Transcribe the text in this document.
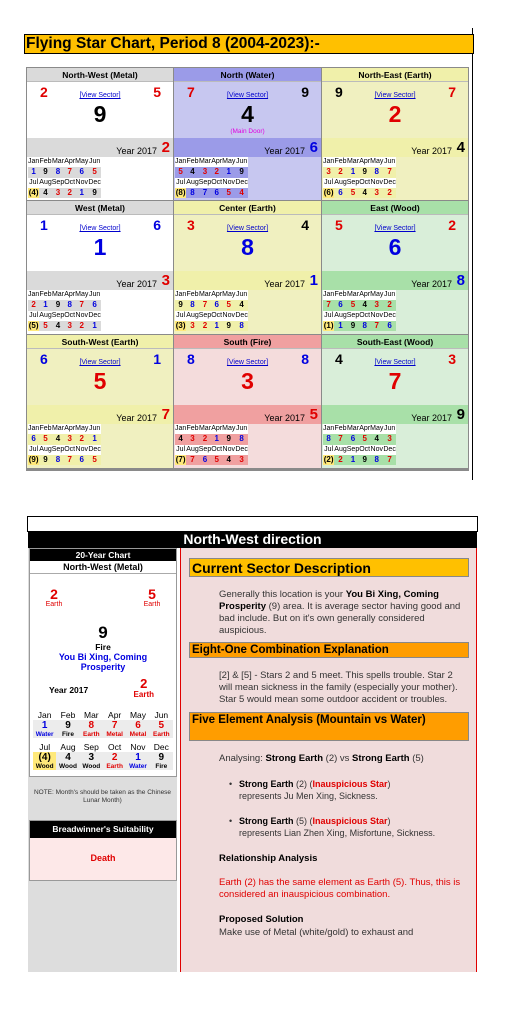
Flying Star Chart, Period 8 (2004-2023):-
North-West (Metal)
2	5
[View Sector]
9
Year 2017 2
Jan	Feb	Mar	Apr	May	Jun
1	9	8	7	6	5
Jul	Aug	Sep	Oct	Nov	Dec
(4)	4	3	2	1	9
North (Water)
7	9
[View Sector]
4
(Main Door)
Year 2017 6
Jan	Feb	Mar	Apr	May	Jun
5	4	3	2	1	9
Jul	Aug	Sep	Oct	Nov	Dec
(8)	8	7	6	5	4
North-East (Earth)
9	7
[View Sector]
2
Year 2017 4
Jan	Feb	Mar	Apr	May	Jun
3	2	1	9	8	7
Jul	Aug	Sep	Oct	Nov	Dec
(6)	6	5	4	3	2
West (Metal)
1	6
[View Sector]
1
Year 2017 3
Jan	Feb	Mar	Apr	May	Jun
2	1	9	8	7	6
Jul	Aug	Sep	Oct	Nov	Dec
(5)	5	4	3	2	1
Center (Earth)
3	4
[View Sector]
8
Year 2017 1
Jan	Feb	Mar	Apr	May	Jun
9	8	7	6	5	4
Jul	Aug	Sep	Oct	Nov	Dec
(3)	3	2	1	9	8
East (Wood)
5	2
[View Sector]
6
Year 2017 8
Jan	Feb	Mar	Apr	May	Jun
7	6	5	4	3	2
Jul	Aug	Sep	Oct	Nov	Dec
(1)	1	9	8	7	6
South-West (Earth)
6	1
[View Sector]
5
Year 2017 7
Jan	Feb	Mar	Apr	May	Jun
6	5	4	3	2	1
Jul	Aug	Sep	Oct	Nov	Dec
(9)	9	8	7	6	5
South (Fire)
8	8
[View Sector]
3
Year 2017 5
Jan	Feb	Mar	Apr	May	Jun
4	3	2	1	9	8
Jul	Aug	Sep	Oct	Nov	Dec
(7)	7	6	5	4	3
South-East (Wood)
4	3
[View Sector]
7
Year 2017 9
Jan	Feb	Mar	Apr	May	Jun
8	7	6	5	4	3
Jul	Aug	Sep	Oct	Nov	Dec
(2)	2	1	9	8	7
North-West direction
20-Year Chart
North-West (Metal)
2
Earth
5
Earth
9
Fire
You Bi Xing, Coming Prosperity
Year 2017	2
Earth
Jan	Feb	Mar	Apr	May	Jun
1	9	8	7	6	5
Water	Fire	Earth	Metal	Metal	Earth
Jul	Aug	Sep	Oct	Nov	Dec
(4)	4	3	2	1	9
Wood	Wood	Wood	Earth	Water	Fire
NOTE: Month's should be taken as the Chinese Lunar Month)
Breadwinner's Suitability
Death
Current Sector Description

Generally this location is your You Bi Xing, Coming Prosperity (9) area. It is average sector having good and bad include. But on it's own generally considered auspicious.

Eight-One Combination Explanation

[2] & [5] - Stars 2 and 5 meet. This spells trouble. Star 2 will mean sickness in the family (especially your mother). Star 5 would mean some outdoor accident or troubles.

Five Element Analysis (Mountain vs Water)

Analysing: Strong Earth (2) vs Strong Earth (5)

• Strong Earth (2) (Inauspicious Star)
represents Ju Men Xing, Sickness.
• Strong Earth (5) (Inauspicious Star)
represents Lian Zhen Xing, Misfortune, Sickness.
Relationship Analysis

Earth (2) has the same element as Earth (5). Thus, this is considered an inauspicious combination.

Proposed Solution
Make use of Metal (white/gold) to exhaust and
